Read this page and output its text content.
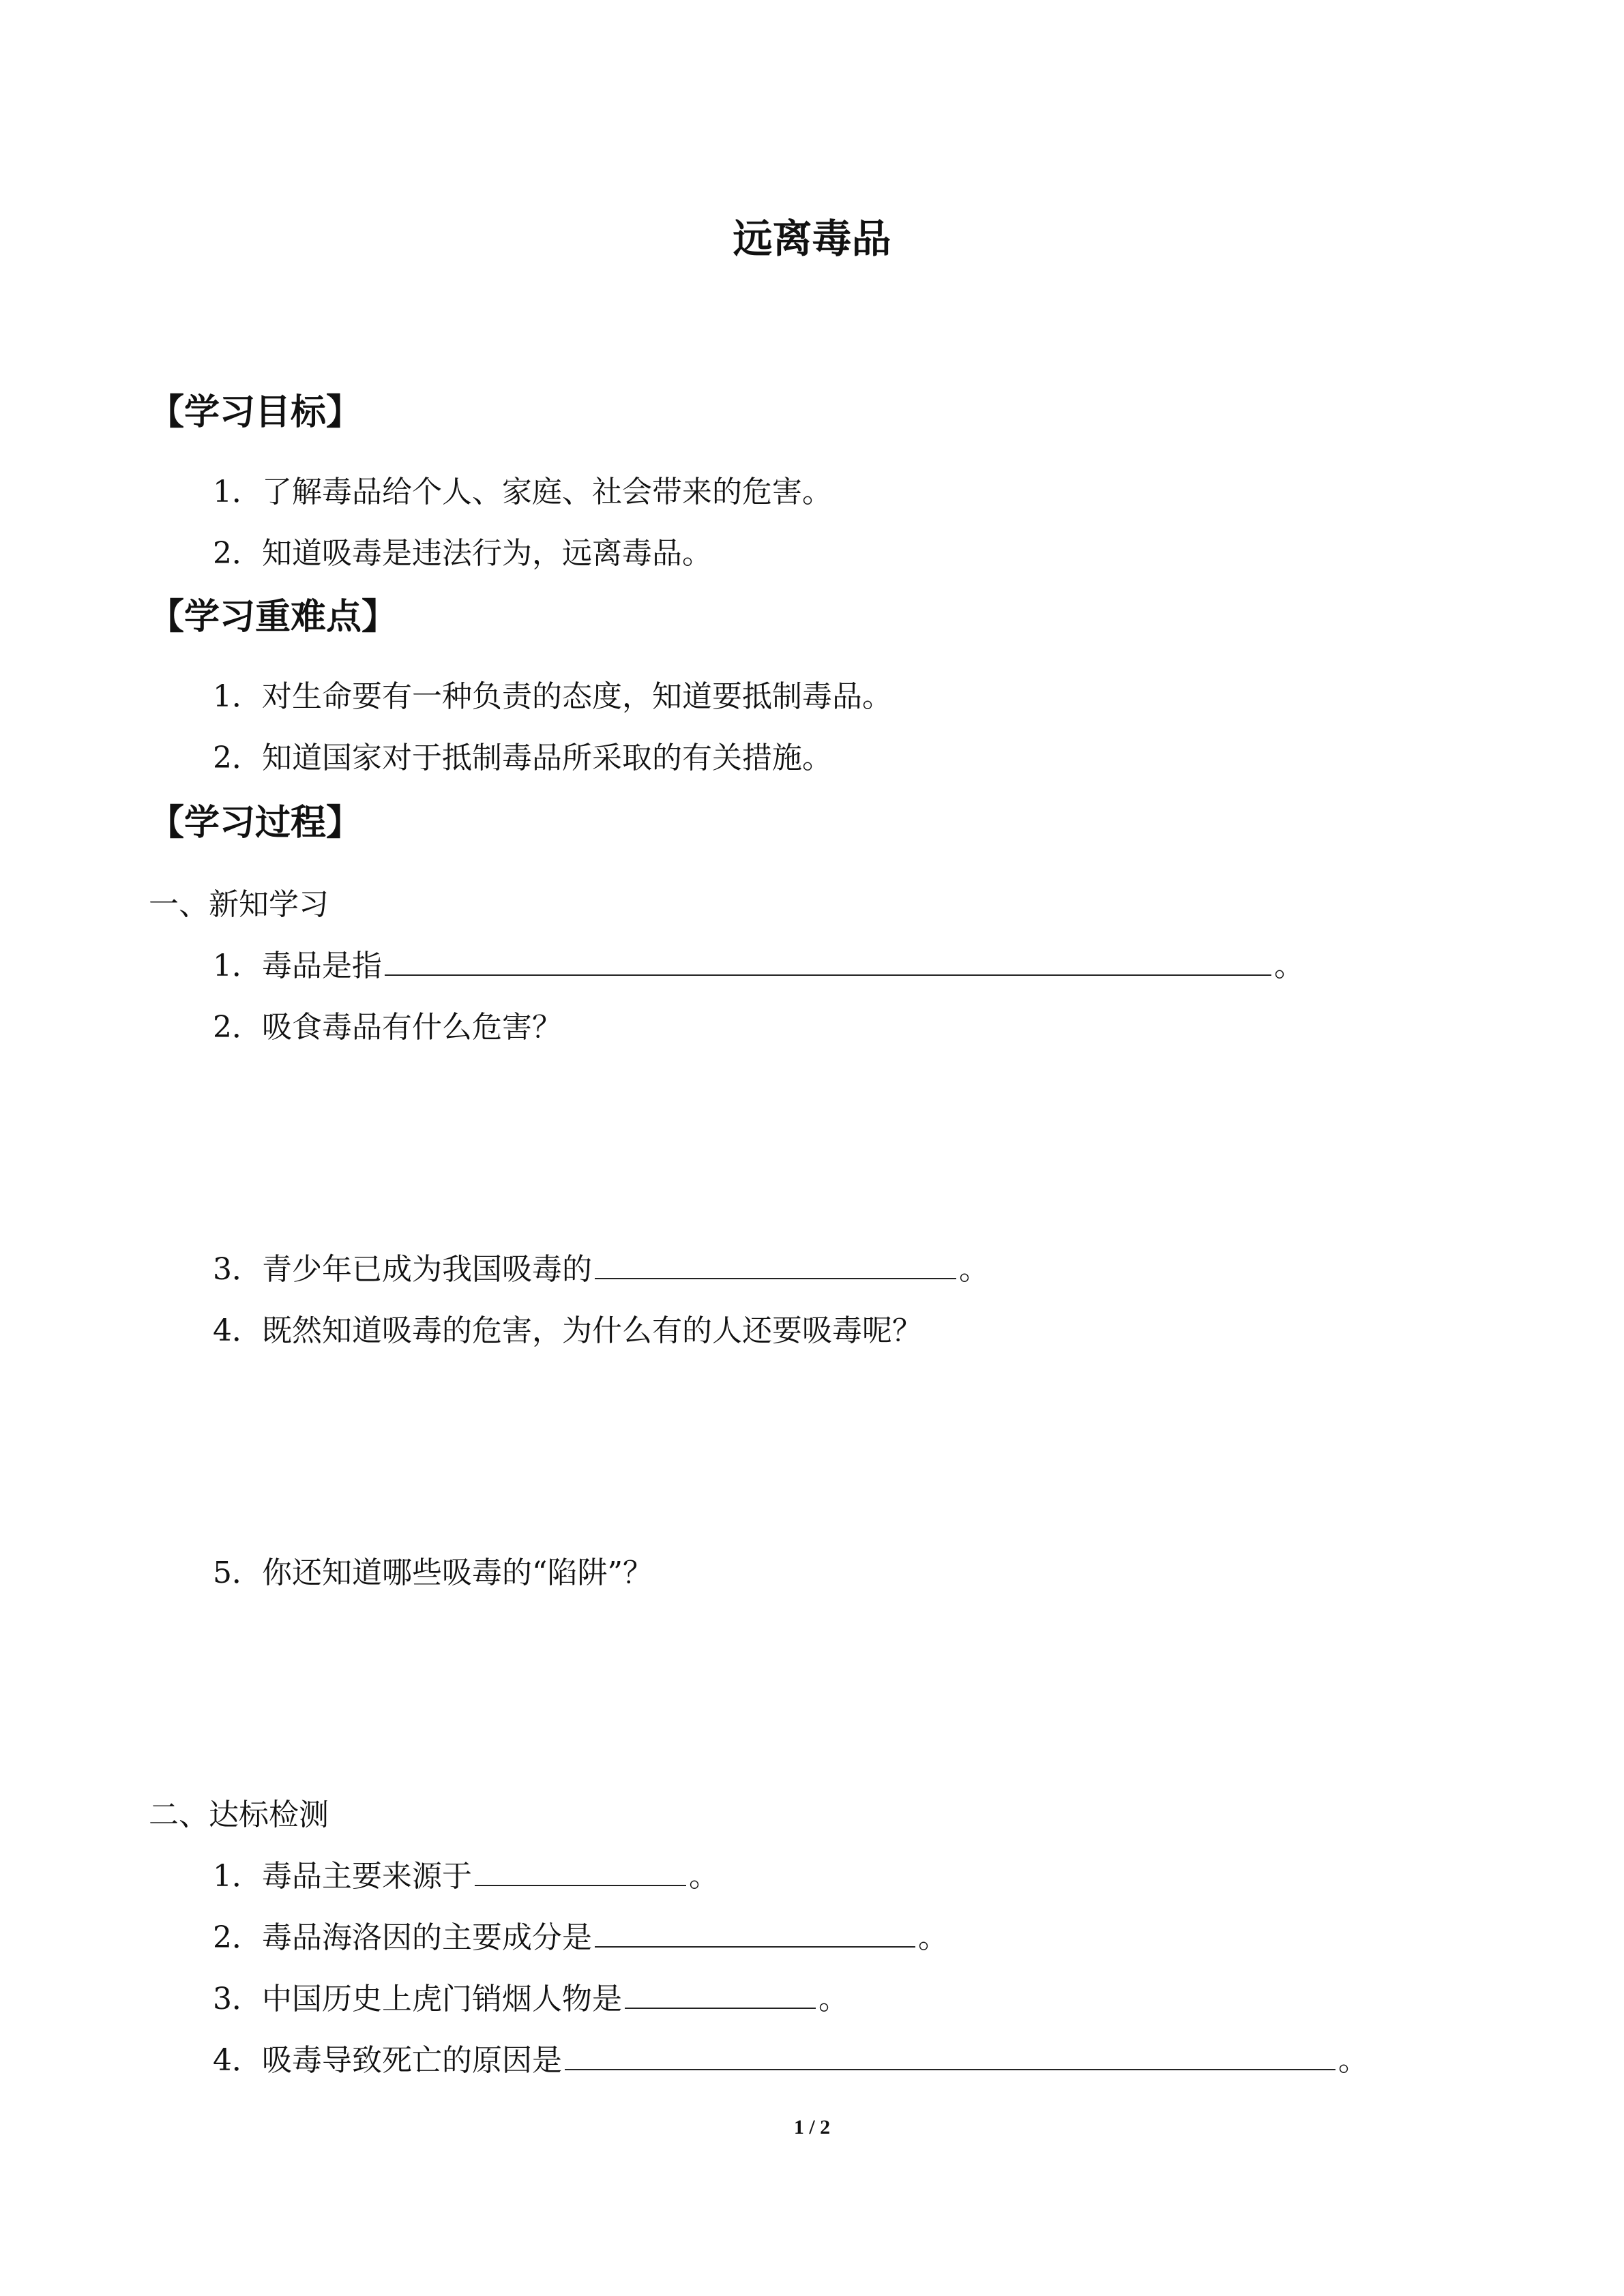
远离毒品
【学习目标】
1．了解毒品给个人、家庭、社会带来的危害。
2．知道吸毒是违法行为，远离毒品。
【学习重难点】
1．对生命要有一种负责的态度，知道要抵制毒品。
2．知道国家对于抵制毒品所采取的有关措施。
【学习过程】
一、新知学习
1．毒品是指	。
2．吸食毒品有什么危害？
3．青少年已成为我国吸毒的	。
4．既然知道吸毒的危害，为什么有的人还要吸毒呢？
5．你还知道哪些吸毒的“陷阱”？
二、达标检测
1．毒品主要来源于	。
2．毒品海洛因的主要成分是	。
3．中国历史上虎门销烟人物是	。
4．吸毒导致死亡的原因是	。
1 / 2
